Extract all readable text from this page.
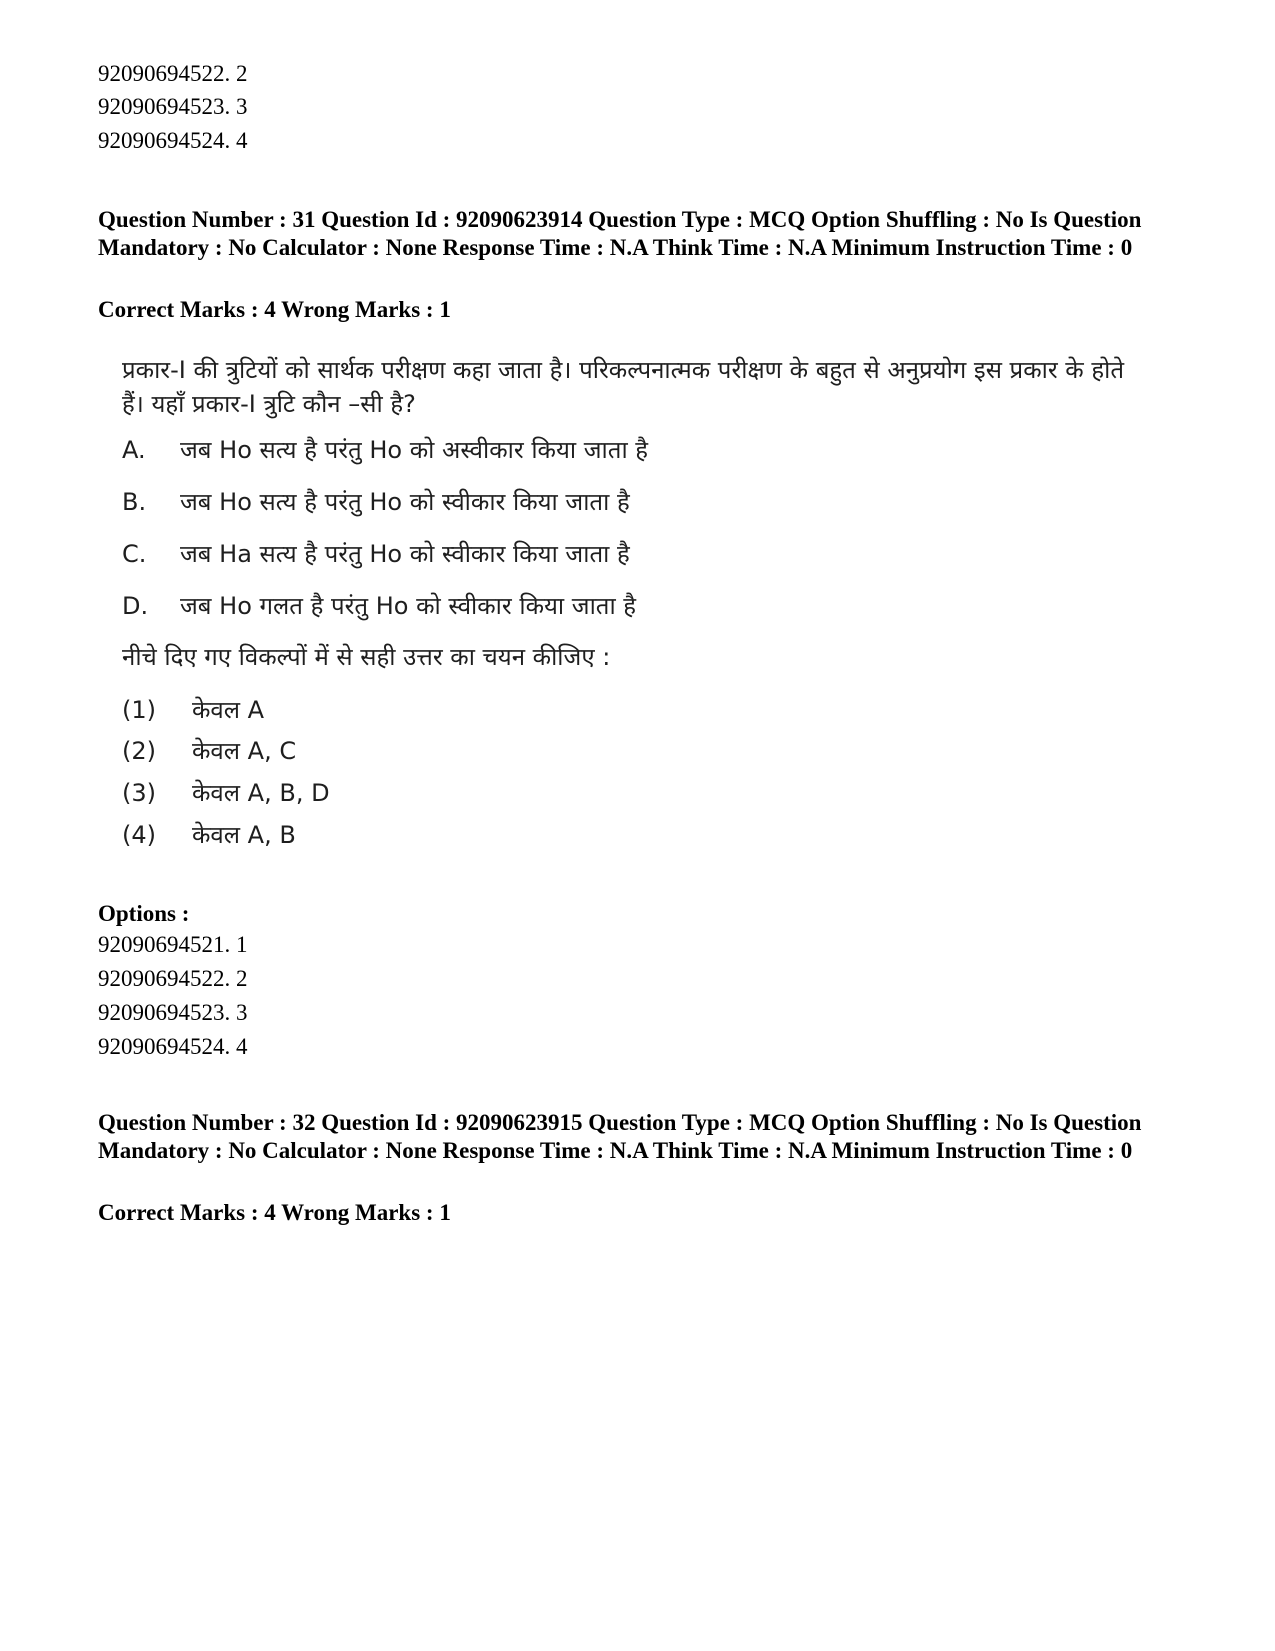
92090694522. 2
92090694523. 3
92090694524. 4
Question Number : 31 Question Id : 92090623914 Question Type : MCQ Option Shuffling : No Is Question Mandatory : No Calculator : None Response Time : N.A Think Time : N.A Minimum Instruction Time : 0
Correct Marks : 4 Wrong Marks : 1
प्रकार-I की त्रुटियों को सार्थक परीक्षण कहा जाता है। परिकल्पनात्मक परीक्षण के बहुत से अनुप्रयोग इस प्रकार के होते हैं। यहाँ प्रकार-I त्रुटि कौन –सी है?
A. जब Ho सत्य है परंतु Ho को अस्वीकार किया जाता है
B. जब Ho सत्य है परंतु Ho को स्वीकार किया जाता है
C. जब Ha सत्य है परंतु Ho को स्वीकार किया जाता है
D. जब Ho गलत है परंतु Ho को स्वीकार किया जाता है
नीचे दिए गए विकल्पों में से सही उत्तर का चयन कीजिए :
(1) केवल A
(2) केवल A, C
(3) केवल A, B, D
(4) केवल A, B
Options :
92090694521. 1
92090694522. 2
92090694523. 3
92090694524. 4
Question Number : 32 Question Id : 92090623915 Question Type : MCQ Option Shuffling : No Is Question Mandatory : No Calculator : None Response Time : N.A Think Time : N.A Minimum Instruction Time : 0
Correct Marks : 4 Wrong Marks : 1
